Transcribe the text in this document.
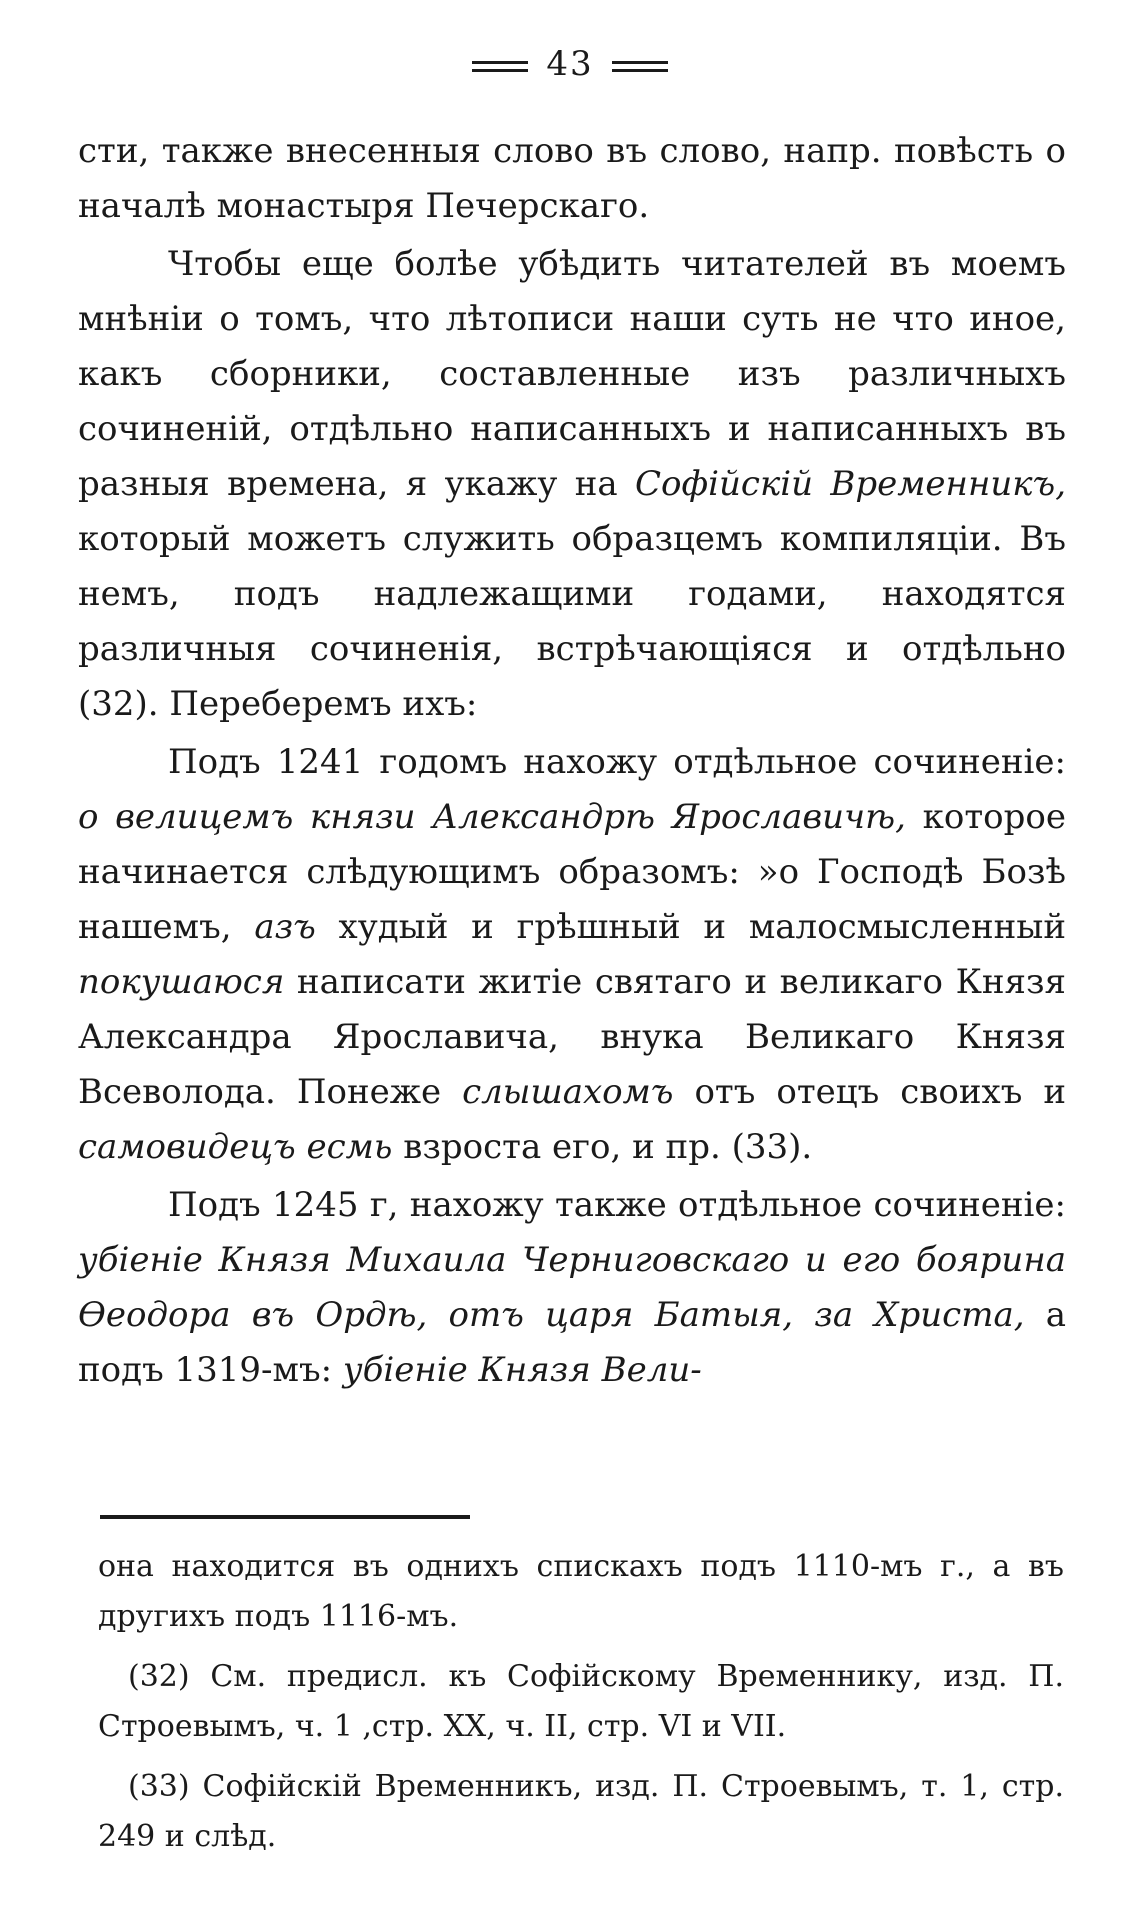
43

сти, также внесенныя слово въ слово, напр. повѣсть о началѣ монастыря Печерскаго.

Чтобы еще болѣе убѣдить читателей въ моемъ мнѣніи о томъ, что лѣтописи наши суть не что иное, какъ сборники, составленные изъ различныхъ сочиненій, отдѣльно написанныхъ и написанныхъ въ разныя времена, я укажу на Софійскій Временникъ, который можетъ служить образцемъ компиляціи. Въ немъ, подъ надлежащими годами, находятся различныя сочиненія, встрѣчающіяся и отдѣльно (32). Переберемъ ихъ:

Подъ 1241 годомъ нахожу отдѣльное сочиненіе: о велицемъ князи Александрѣ Ярославичѣ, которое начинается слѣдующимъ образомъ: »о Господѣ Бозѣ нашемъ, азъ худый и грѣшный и малосмысленный покушаюся написати житіе святаго и великаго Князя Александра Ярославича, внука Великаго Князя Всеволода. Понеже слышахомъ отъ отецъ своихъ и самовидецъ есмь взроста его, и пр. (33).

Подъ 1245 г, нахожу также отдѣльное сочиненіе: убіеніе Князя Михаила Черниговскаго и его боярина Ѳеодора въ Ордѣ, отъ царя Батыя, за Христа, а подъ 1319-мъ: убіеніе Князя Вели-

она находится въ однихъ спискахъ подъ 1110-мъ г., а въ другихъ подъ 1116-мъ.

(32) См. предисл. къ Софійскому Временнику, изд. П. Строевымъ, ч. 1 ,стр. XX, ч. II, стр. VI и VII.

(33) Софійскій Временникъ, изд. П. Строевымъ, т. 1, стр. 249 и слѣд.
